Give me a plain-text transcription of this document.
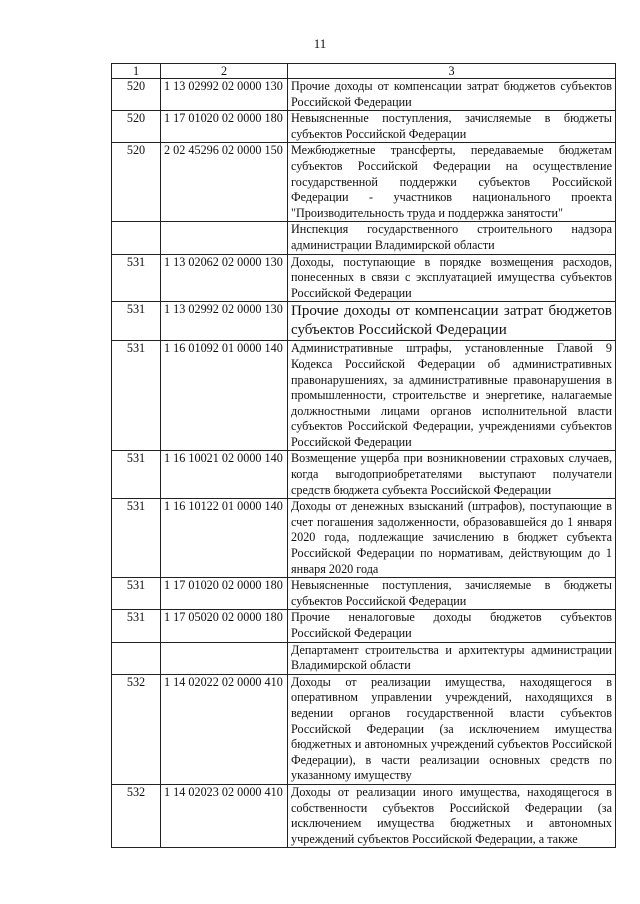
11
1	2	3
520	1 13 02992 02 0000 130	Прочие доходы от компенсации затрат бюджетов субъектов Российской Федерации
520	1 17 01020 02 0000 180	Невыясненные поступления, зачисляемые в бюджеты субъектов Российской Федерации
520	2 02 45296 02 0000 150	Межбюджетные трансферты, передаваемые бюджетам субъектов Российской Федерации на осуществление государственной поддержки субъектов Российской Федерации - участников национального проекта "Производительность труда и поддержка занятости"
		Инспекция государственного строительного надзора администрации Владимирской области
531	1 13 02062 02 0000 130	Доходы, поступающие в порядке возмещения расходов, понесенных в связи с эксплуатацией имущества субъектов Российской Федерации
531	1 13 02992 02 0000 130	Прочие доходы от компенсации затрат бюджетов субъектов Российской Федерации
531	1 16 01092 01 0000 140	Административные штрафы, установленные Главой 9 Кодекса Российской Федерации об административных правонарушениях, за административные правонарушения в промышленности, строительстве и энергетике, налагаемые должностными лицами органов исполнительной власти субъектов Российской Федерации, учреждениями субъектов Российской Федерации
531	1 16 10021 02 0000 140	Возмещение ущерба при возникновении страховых случаев, когда выгодоприобретателями выступают получатели средств бюджета субъекта Российской Федерации
531	1 16 10122 01 0000 140	Доходы от денежных взысканий (штрафов), поступающие в счет погашения задолженности, образовавшейся до 1 января 2020 года, подлежащие зачислению в бюджет субъекта Российской Федерации по нормативам, действующим до 1 января 2020 года
531	1 17 01020 02 0000 180	Невыясненные поступления, зачисляемые в бюджеты субъектов Российской Федерации
531	1 17 05020 02 0000 180	Прочие неналоговые доходы бюджетов субъектов Российской Федерации
		Департамент строительства и архитектуры администрации Владимирской области
532	1 14 02022 02 0000 410	Доходы от реализации имущества, находящегося в оперативном управлении учреждений, находящихся в ведении органов государственной власти субъектов Российской Федерации (за исключением имущества бюджетных и автономных учреждений субъектов Российской Федерации), в части реализации основных средств по указанному имуществу
532	1 14 02023 02 0000 410	Доходы от реализации иного имущества, находящегося в собственности субъектов Российской Федерации (за исключением имущества бюджетных и автономных учреждений субъектов Российской Федерации, а также
